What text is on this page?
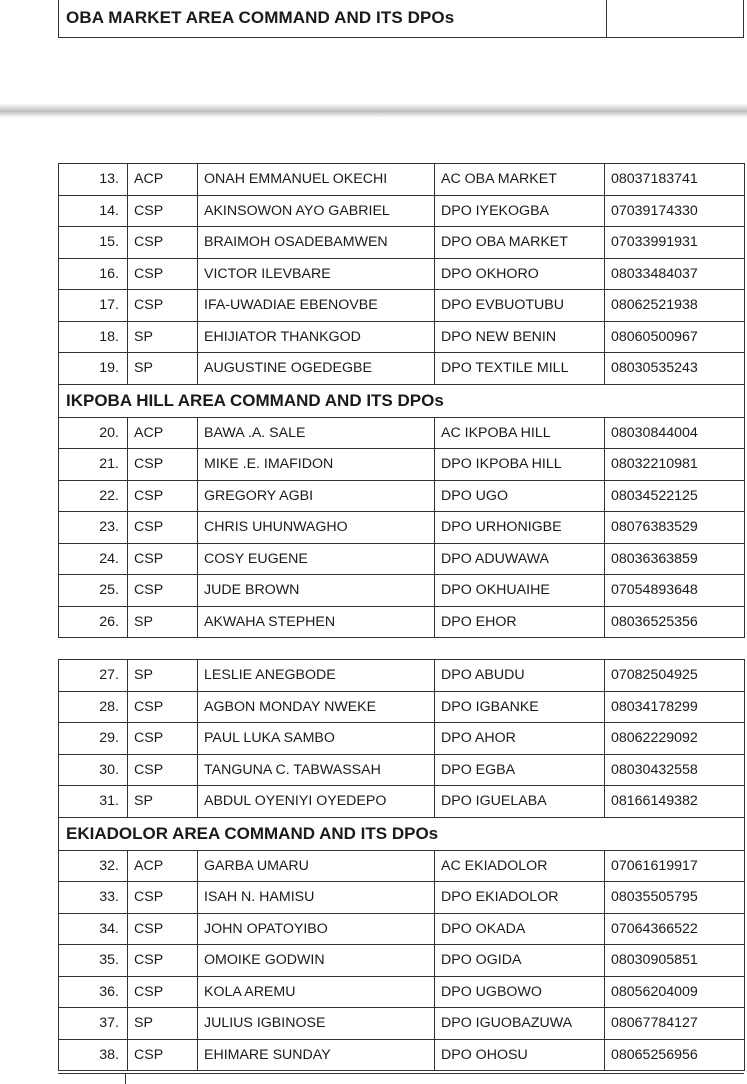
OBA MARKET AREA COMMAND AND ITS DPOs
13.	ACP	ONAH EMMANUEL OKECHI	AC OBA MARKET	08037183741
14.	CSP	AKINSOWON AYO GABRIEL	DPO IYEKOGBA	07039174330
15.	CSP	BRAIMOH OSADEBAMWEN	DPO OBA MARKET	07033991931
16.	CSP	VICTOR ILEVBARE	DPO OKHORO	08033484037
17.	CSP	IFA-UWADIAE EBENOVBE	DPO EVBUOTUBU	08062521938
18.	SP	EHIJIATOR THANKGOD	DPO NEW BENIN	08060500967
19.	SP	AUGUSTINE OGEDEGBE	DPO TEXTILE MILL	08030535243
IKPOBA HILL AREA COMMAND AND ITS DPOs				
20.	ACP	BAWA .A. SALE	AC IKPOBA HILL	08030844004
21.	CSP	MIKE .E. IMAFIDON	DPO IKPOBA HILL	08032210981
22.	CSP	GREGORY AGBI	DPO UGO	08034522125
23.	CSP	CHRIS UHUNWAGHO	DPO URHONIGBE	08076383529
24.	CSP	COSY EUGENE	DPO ADUWAWA	08036363859
25.	CSP	JUDE BROWN	DPO OKHUAIHE	07054893648
26.	SP	AKWAHA STEPHEN	DPO EHOR	08036525356
27.	SP	LESLIE ANEGBODE	DPO ABUDU	07082504925
28.	CSP	AGBON MONDAY NWEKE	DPO IGBANKE	08034178299
29.	CSP	PAUL LUKA SAMBO	DPO AHOR	08062229092
30.	CSP	TANGUNA C. TABWASSAH	DPO EGBA	08030432558
31.	SP	ABDUL OYENIYI OYEDEPO	DPO IGUELABA	08166149382
EKIADOLOR AREA COMMAND AND ITS DPOs				
32.	ACP	GARBA UMARU	AC EKIADOLOR	07061619917
33.	CSP	ISAH N. HAMISU	DPO EKIADOLOR	08035505795
34.	CSP	JOHN OPATOYIBO	DPO OKADA	07064366522
35.	CSP	OMOIKE GODWIN	DPO OGIDA	08030905851
36.	CSP	KOLA AREMU	DPO UGBOWO	08056204009
37.	SP	JULIUS IGBINOSE	DPO IGUOBAZUWA	08067784127
38.	CSP	EHIMARE SUNDAY	DPO OHOSU	08065256956
